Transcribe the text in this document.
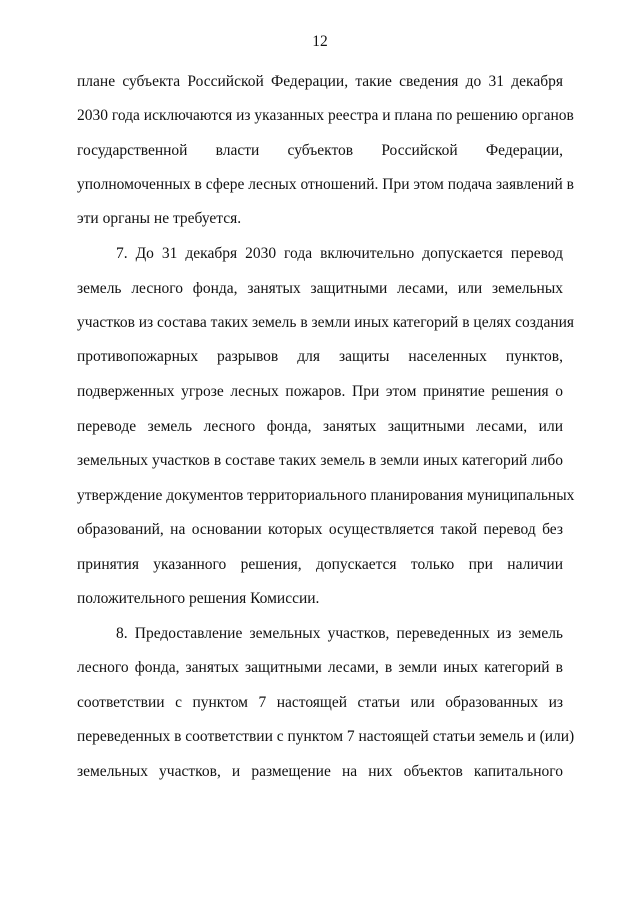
12
плане субъекта Российской Федерации, такие сведения до 31 декабря
2030 года исключаются из указанных реестра и плана по решению органов
государственной власти субъектов Российской Федерации,
уполномоченных в сфере лесных отношений. При этом подача заявлений в
эти органы не требуется.
7. До 31 декабря 2030 года включительно допускается перевод
земель лесного фонда, занятых защитными лесами, или земельных
участков из состава таких земель в земли иных категорий в целях создания
противопожарных разрывов для защиты населенных пунктов,
подверженных угрозе лесных пожаров. При этом принятие решения о
переводе земель лесного фонда, занятых защитными лесами, или
земельных участков в составе таких земель в земли иных категорий либо
утверждение документов территориального планирования муниципальных
образований, на основании которых осуществляется такой перевод без
принятия указанного решения, допускается только при наличии
положительного решения Комиссии.
8. Предоставление земельных участков, переведенных из земель
лесного фонда, занятых защитными лесами, в земли иных категорий в
соответствии с пунктом 7 настоящей статьи или образованных из
переведенных в соответствии с пунктом 7 настоящей статьи земель и (или)
земельных участков, и размещение на них объектов капитального
